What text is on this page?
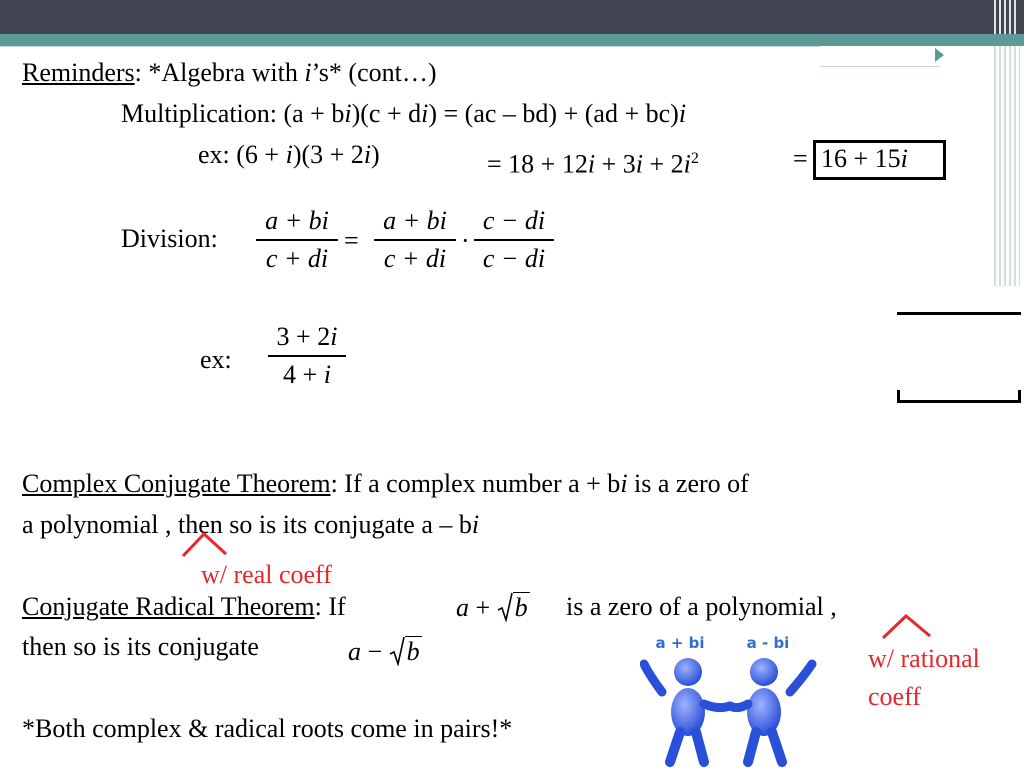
Reminders: *Algebra with i’s* (cont…)
Multiplication: (a + bi)(c + di) = (ac – bd) + (ad + bc)i
ex: (6 + i)(3 + 2i)	= $18 + 12i + 3i + 2i^2$	= 16 + 15i
Division:
a + bi
c + di
=
a + bi
c + di
·
c − di
c − di
ex:
3 + 2i
4 + i
Complex Conjugate Theorem: If a complex number a + bi is a zero of
a polynomial , then so is its conjugate a – bi
w/ real coeff
Conjugate Radical Theorem: If	a + b is a zero of a polynomial ,
then so is its conjugate	a − b	w/ rational
coeff
*Both complex & radical roots come in pairs!*
a + bi	a - bi
